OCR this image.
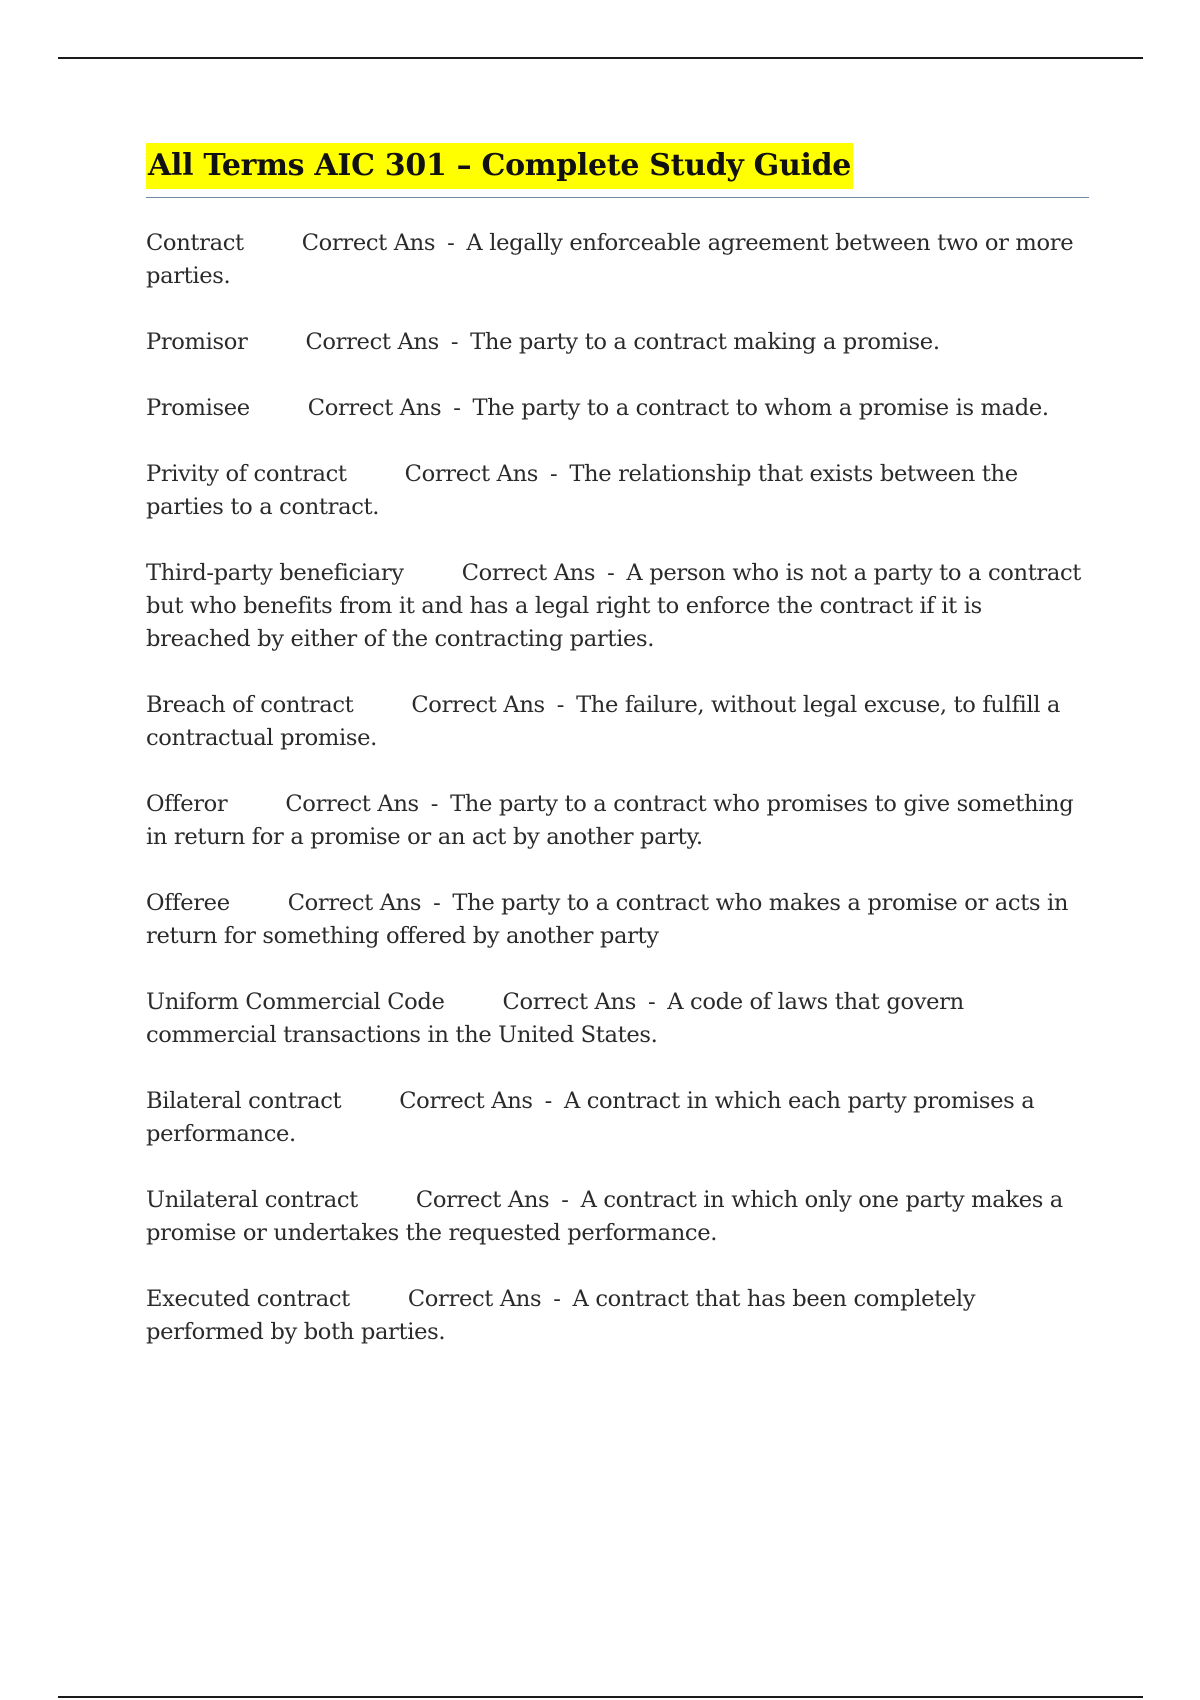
All Terms AIC 301 – Complete Study Guide
Contract	Correct Ans - A legally enforceable agreement between two or more parties.
Promisor	Correct Ans - The party to a contract making a promise.
Promisee	Correct Ans - The party to a contract to whom a promise is made.
Privity of contract	Correct Ans - The relationship that exists between the parties to a contract.
Third-party beneficiary	Correct Ans - A person who is not a party to a contract but who benefits from it and has a legal right to enforce the contract if it is breached by either of the contracting parties.
Breach of contract	Correct Ans - The failure, without legal excuse, to fulfill a contractual promise.
Offeror	Correct Ans - The party to a contract who promises to give something in return for a promise or an act by another party.
Offeree	Correct Ans - The party to a contract who makes a promise or acts in return for something offered by another party
Uniform Commercial Code	Correct Ans - A code of laws that govern commercial transactions in the United States.
Bilateral contract	Correct Ans - A contract in which each party promises a performance.
Unilateral contract	Correct Ans - A contract in which only one party makes a promise or undertakes the requested performance.
Executed contract	Correct Ans - A contract that has been completely performed by both parties.
